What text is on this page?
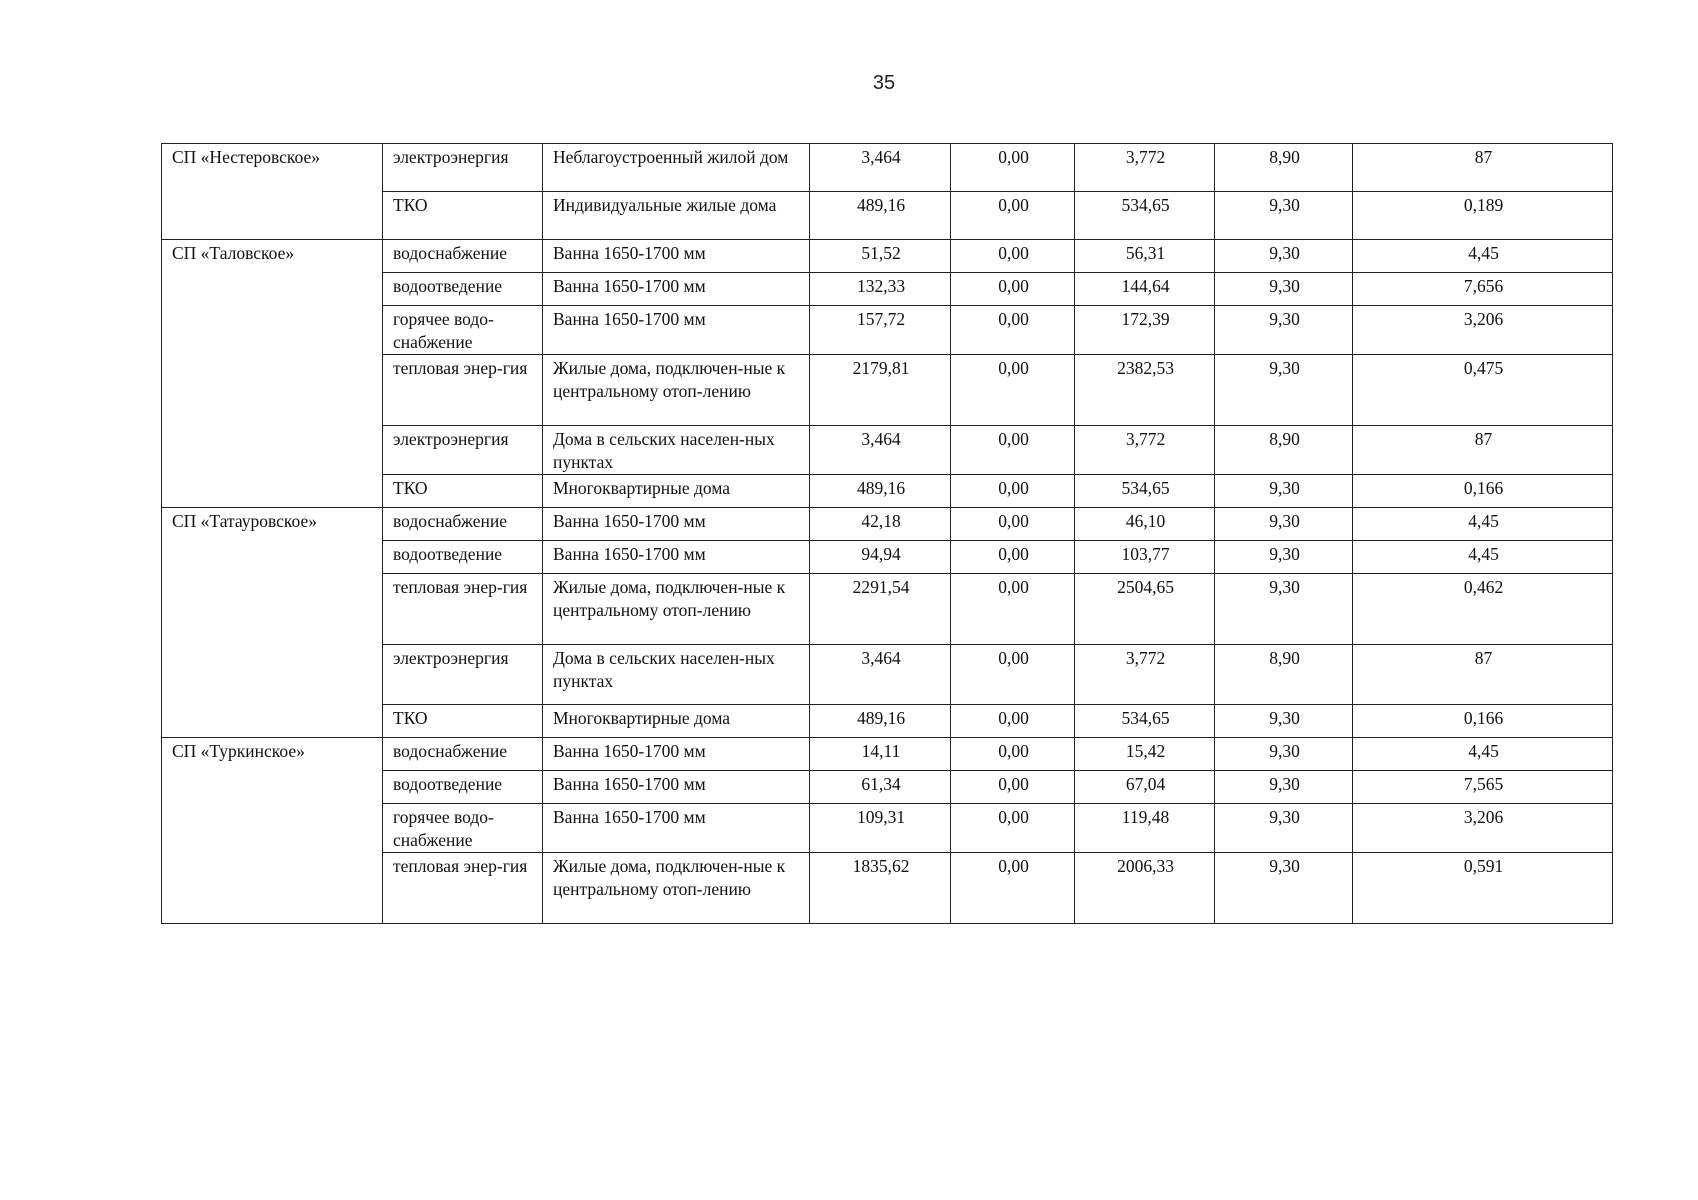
35
СП «Нестеровское»	электроэнергия	Неблагоустроенный жилой дом	3,464	0,00	3,772	8,90	87
	ТКО	Индивидуальные жилые дома	489,16	0,00	534,65	9,30	0,189
СП «Таловское»	водоснабжение	Ванна 1650-1700 мм	51,52	0,00	56,31	9,30	4,45
	водоотведение	Ванна 1650-1700 мм	132,33	0,00	144,64	9,30	7,656
	горячее водо-снабжение	Ванна 1650-1700 мм	157,72	0,00	172,39	9,30	3,206
	тепловая энер-гия	Жилые дома, подключен-ные к центральному отоп-лению	2179,81	0,00	2382,53	9,30	0,475
	электроэнергия	Дома в сельских населен-ных пунктах	3,464	0,00	3,772	8,90	87
	ТКО	Многоквартирные дома	489,16	0,00	534,65	9,30	0,166
СП «Татауровское»	водоснабжение	Ванна 1650-1700 мм	42,18	0,00	46,10	9,30	4,45
	водоотведение	Ванна 1650-1700 мм	94,94	0,00	103,77	9,30	4,45
	тепловая энер-гия	Жилые дома, подключен-ные к центральному отоп-лению	2291,54	0,00	2504,65	9,30	0,462
	электроэнергия	Дома в сельских населен-ных пунктах	3,464	0,00	3,772	8,90	87
	ТКО	Многоквартирные дома	489,16	0,00	534,65	9,30	0,166
СП «Туркинское»	водоснабжение	Ванна 1650-1700 мм	14,11	0,00	15,42	9,30	4,45
	водоотведение	Ванна 1650-1700 мм	61,34	0,00	67,04	9,30	7,565
	горячее водо-снабжение	Ванна 1650-1700 мм	109,31	0,00	119,48	9,30	3,206
	тепловая энер-гия	Жилые дома, подключен-ные к центральному отоп-лению	1835,62	0,00	2006,33	9,30	0,591
